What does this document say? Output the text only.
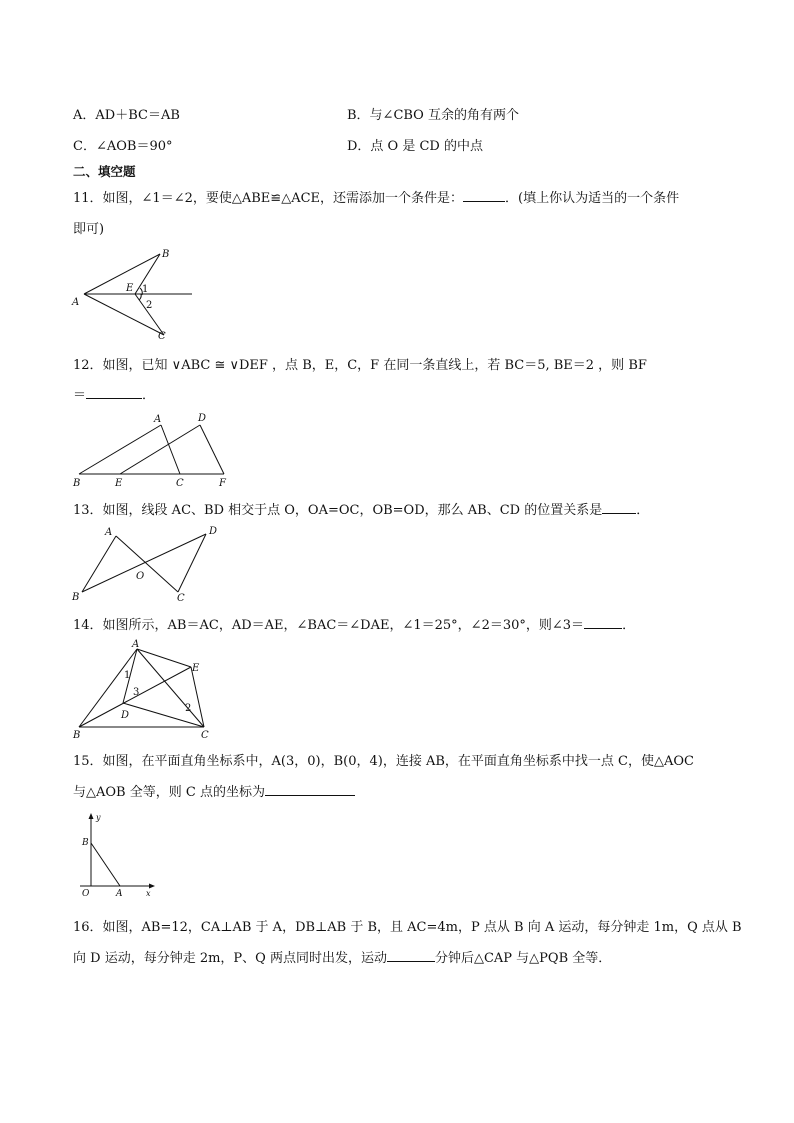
A．AD＋BC＝AB	B．与∠CBO 互余的角有两个
C．∠AOB＝90°	D．点 O 是 CD 的中点
二、填空题
11．如图，∠1＝∠2，要使△ABE≌△ACE，还需添加一个条件是：	．(填上你认为适当的一个条件
即可)
A
B
C
E 1
2
12．如图，已知 ∨ABC ≅ ∨DEF ，点 B，E，C，F 在同一条直线上，若 BC＝5, BE＝2 ，则 BF
＝	．
A	D
B	E	C	F
13．如图，线段 AC、BD 相交于点 O，OA=OC，OB=OD，那么 AB、CD 的位置关系是	．
A	D
O
B	C
14．如图所示，AB＝AC，AD＝AE，∠BAC＝∠DAE，∠1＝25°，∠2＝30°，则∠3＝	．
A
E
D
B	C
1
2
3
15．如图，在平面直角坐标系中，A(3，0)，B(0，4)，连接 AB，在平面直角坐标系中找一点 C，使△AOC
与△AOB 全等，则 C 点的坐标为
y
x
B
O	A
16．如图，AB=12，CA⊥AB 于 A，DB⊥AB 于 B，且 AC=4m，P 点从 B 向 A 运动，每分钟走 1m，Q 点从 B
向 D 运动，每分钟走 2m，P、Q 两点同时出发，运动	分钟后△CAP 与△PQB 全等．
